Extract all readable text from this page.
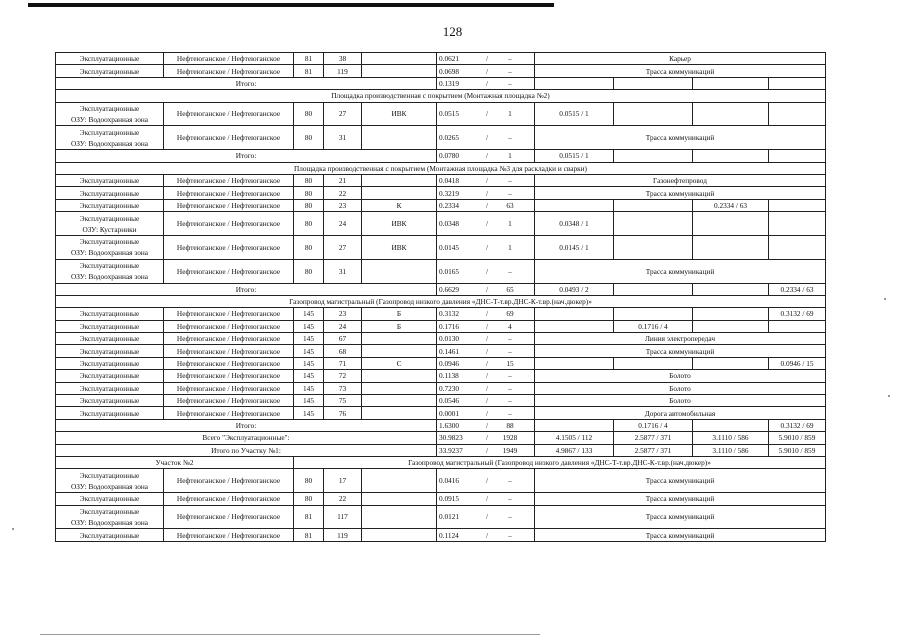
128
Эксплуатационные	Нефтеюганское / Нефтеюганское	81	38		0.0621 / –	Карьер				

Эксплуатационные	Нефтеюганское / Нефтеюганское	81	119		0.0698 / –	Трасса коммуникаций				
Итого:					0.1319 / –					
Площадка производственная с покрытием (Монтажная площадка №2)										

Эксплуатационные
ОЗУ: Водоохранная зона	Нефтеюганское / Нефтеюганское	80	27	ИВК	0.0515 / 1	0.0515 / 1				

Эксплуатационные
ОЗУ: Водоохранная зона	Нефтеюганское / Нефтеюганское	80	31		0.0265 / –	Трасса коммуникаций				
Итого:					0.0780 / 1	0.0515 / 1				
Площадка производственная с покрытием (Монтажная площадка №3 для раскладки и сварки)										

Эксплуатационные	Нефтеюганское / Нефтеюганское	80	21		0.0418 / –	Газонефтепровод				

Эксплуатационные	Нефтеюганское / Нефтеюганское	80	22		0.3219 / –	Трасса коммуникаций				

Эксплуатационные	Нефтеюганское / Нефтеюганское	80	23	К	0.2334 / 63			0.2334 / 63		

Эксплуатационные
ОЗУ: Кустарники	Нефтеюганское / Нефтеюганское	80	24	ИВК	0.0348 / 1	0.0348 / 1				

Эксплуатационные
ОЗУ: Водоохранная зона	Нефтеюганское / Нефтеюганское	80	27	ИВК	0.0145 / 1	0.0145 / 1				

Эксплуатационные
ОЗУ: Водоохранная зона	Нефтеюганское / Нефтеюганское	80	31		0.0165 / –	Трасса коммуникаций				
Итого:					0.6629 / 65	0.0493 / 2			0.2334 / 63	
Газопровод магистральный (Газопровод низкого давления «ДНС-Т-т.вр.ДНС-К-т.вр.(нач.дюкер)»										

Эксплуатационные	Нефтеюганское / Нефтеюганское	145	23	Б	0.3132 / 69				0.3132 / 69	

Эксплуатационные	Нефтеюганское / Нефтеюганское	145	24	Б	0.1716 / 4		0.1716 / 4			

Эксплуатационные	Нефтеюганское / Нефтеюганское	145	67		0.0130 / –	Линия электропередач				

Эксплуатационные	Нефтеюганское / Нефтеюганское	145	68		0.1461 / –	Трасса коммуникаций				

Эксплуатационные	Нефтеюганское / Нефтеюганское	145	71	С	0.0946 / 15				0.0946 / 15	

Эксплуатационные	Нефтеюганское / Нефтеюганское	145	72		0.1138 / –	Болото				

Эксплуатационные	Нефтеюганское / Нефтеюганское	145	73		0.7230 / –	Болото				

Эксплуатационные	Нефтеюганское / Нефтеюганское	145	75		0.0546 / –	Болото				

Эксплуатационные	Нефтеюганское / Нефтеюганское	145	76		0.0001 / –	Дорога автомобильная				
Итого:					1.6300 / 88		0.1716 / 4		0.3132 / 69	
Всего "Эксплуатационные":					30.9823 / 1928	4.1505 / 112	2.5877 / 371	3.1110 / 586	5.9010 / 859	
Итого по Участку №1:					33.9237 / 1949	4.9867 / 133	2.5877 / 371	3.1110 / 586	5.9010 / 859	
Участок №2		Газопровод магистральный (Газопровод низкого давления «ДНС-Т-т.вр.ДНС-К-т.вр.(нач.дюкер)»								

Эксплуатационные
ОЗУ: Водоохранная зона	Нефтеюганское / Нефтеюганское	80	17		0.0416 / –	Трасса коммуникаций				

Эксплуатационные	Нефтеюганское / Нефтеюганское	80	22		0.0915 / –	Трасса коммуникаций				

Эксплуатационные
ОЗУ: Водоохранная зона	Нефтеюганское / Нефтеюганское	81	117		0.0121 / –	Трасса коммуникаций				

Эксплуатационные	Нефтеюганское / Нефтеюганское	81	119		0.1124 / –	Трасса коммуникаций				
